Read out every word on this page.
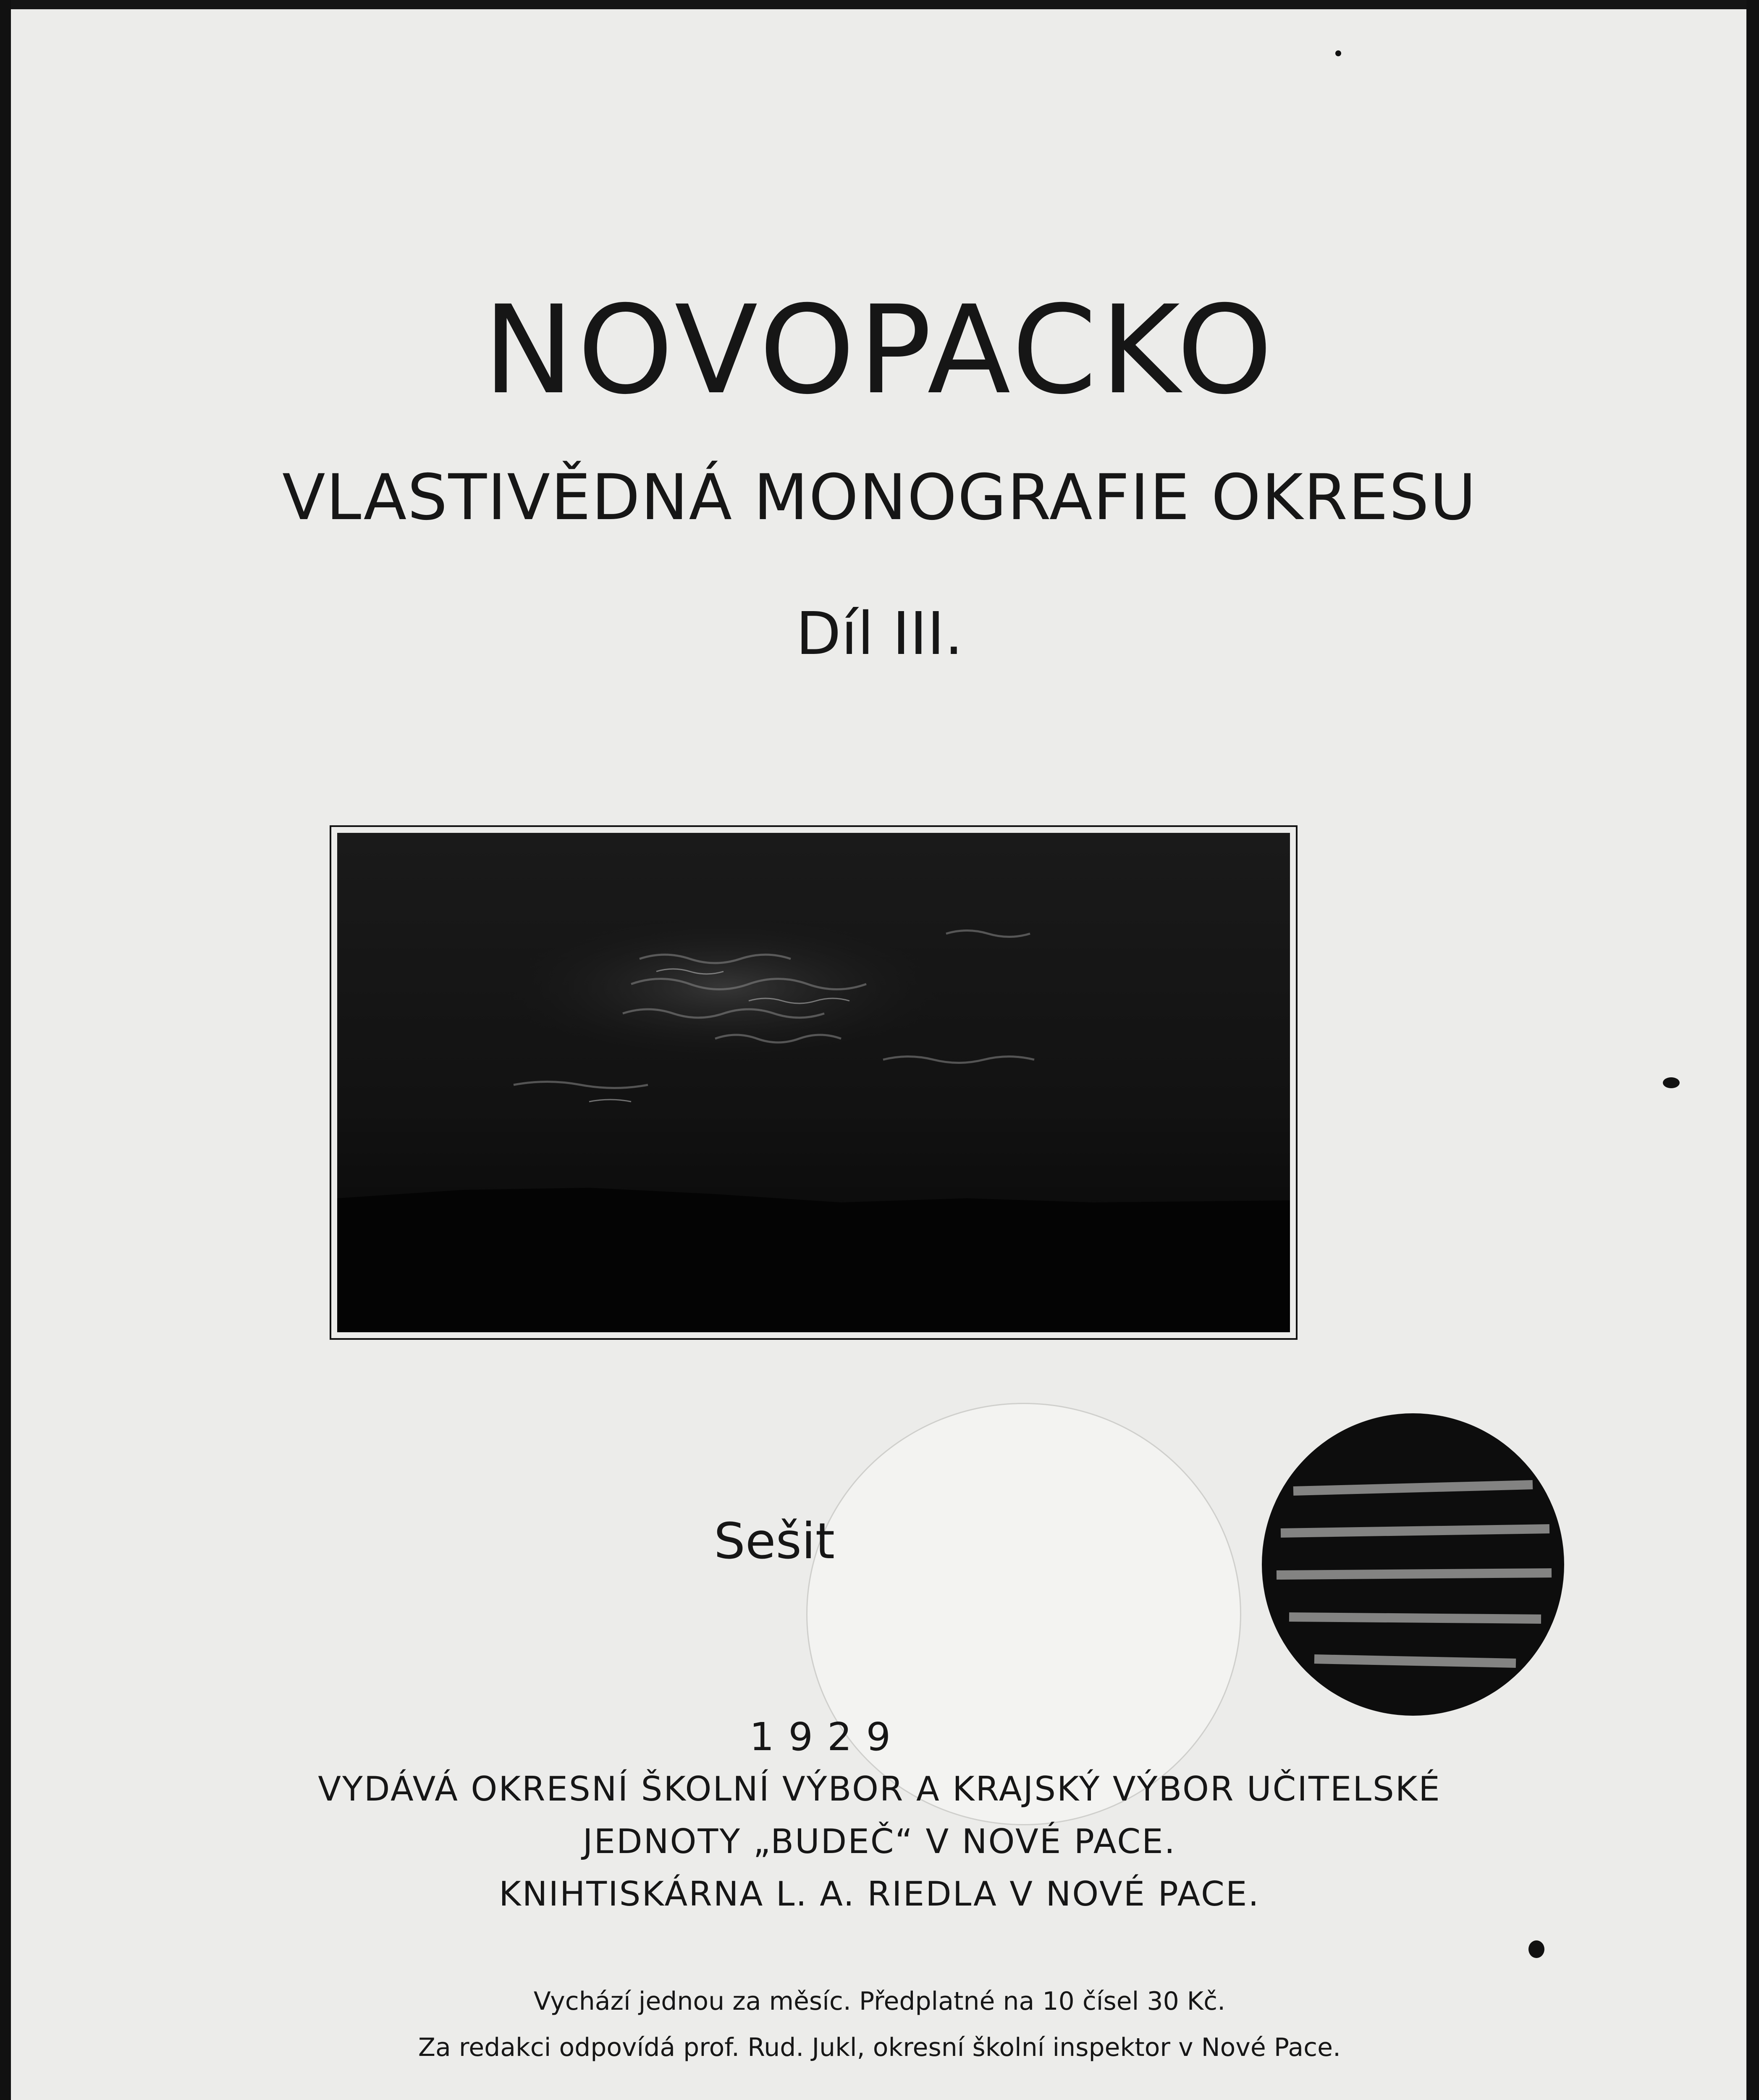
NOVOPACKO
VLASTIVĚDNÁ MONOGRAFIE OKRESU
Díl III.
Sešit
1929
VYDÁVÁ OKRESNÍ ŠKOLNÍ VÝBOR A KRAJSKÝ VÝBOR UČITELSKÉ
JEDNOTY „BUDEČ“ V NOVÉ PACE.
KNIHTISKÁRNA L. A. RIEDLA V NOVÉ PACE.
Vychází jednou za měsíc. Předplatné na 10 čísel 30 Kč.
Za redakci odpovídá prof. Rud. Jukl, okresní školní inspektor v Nové Pace.
